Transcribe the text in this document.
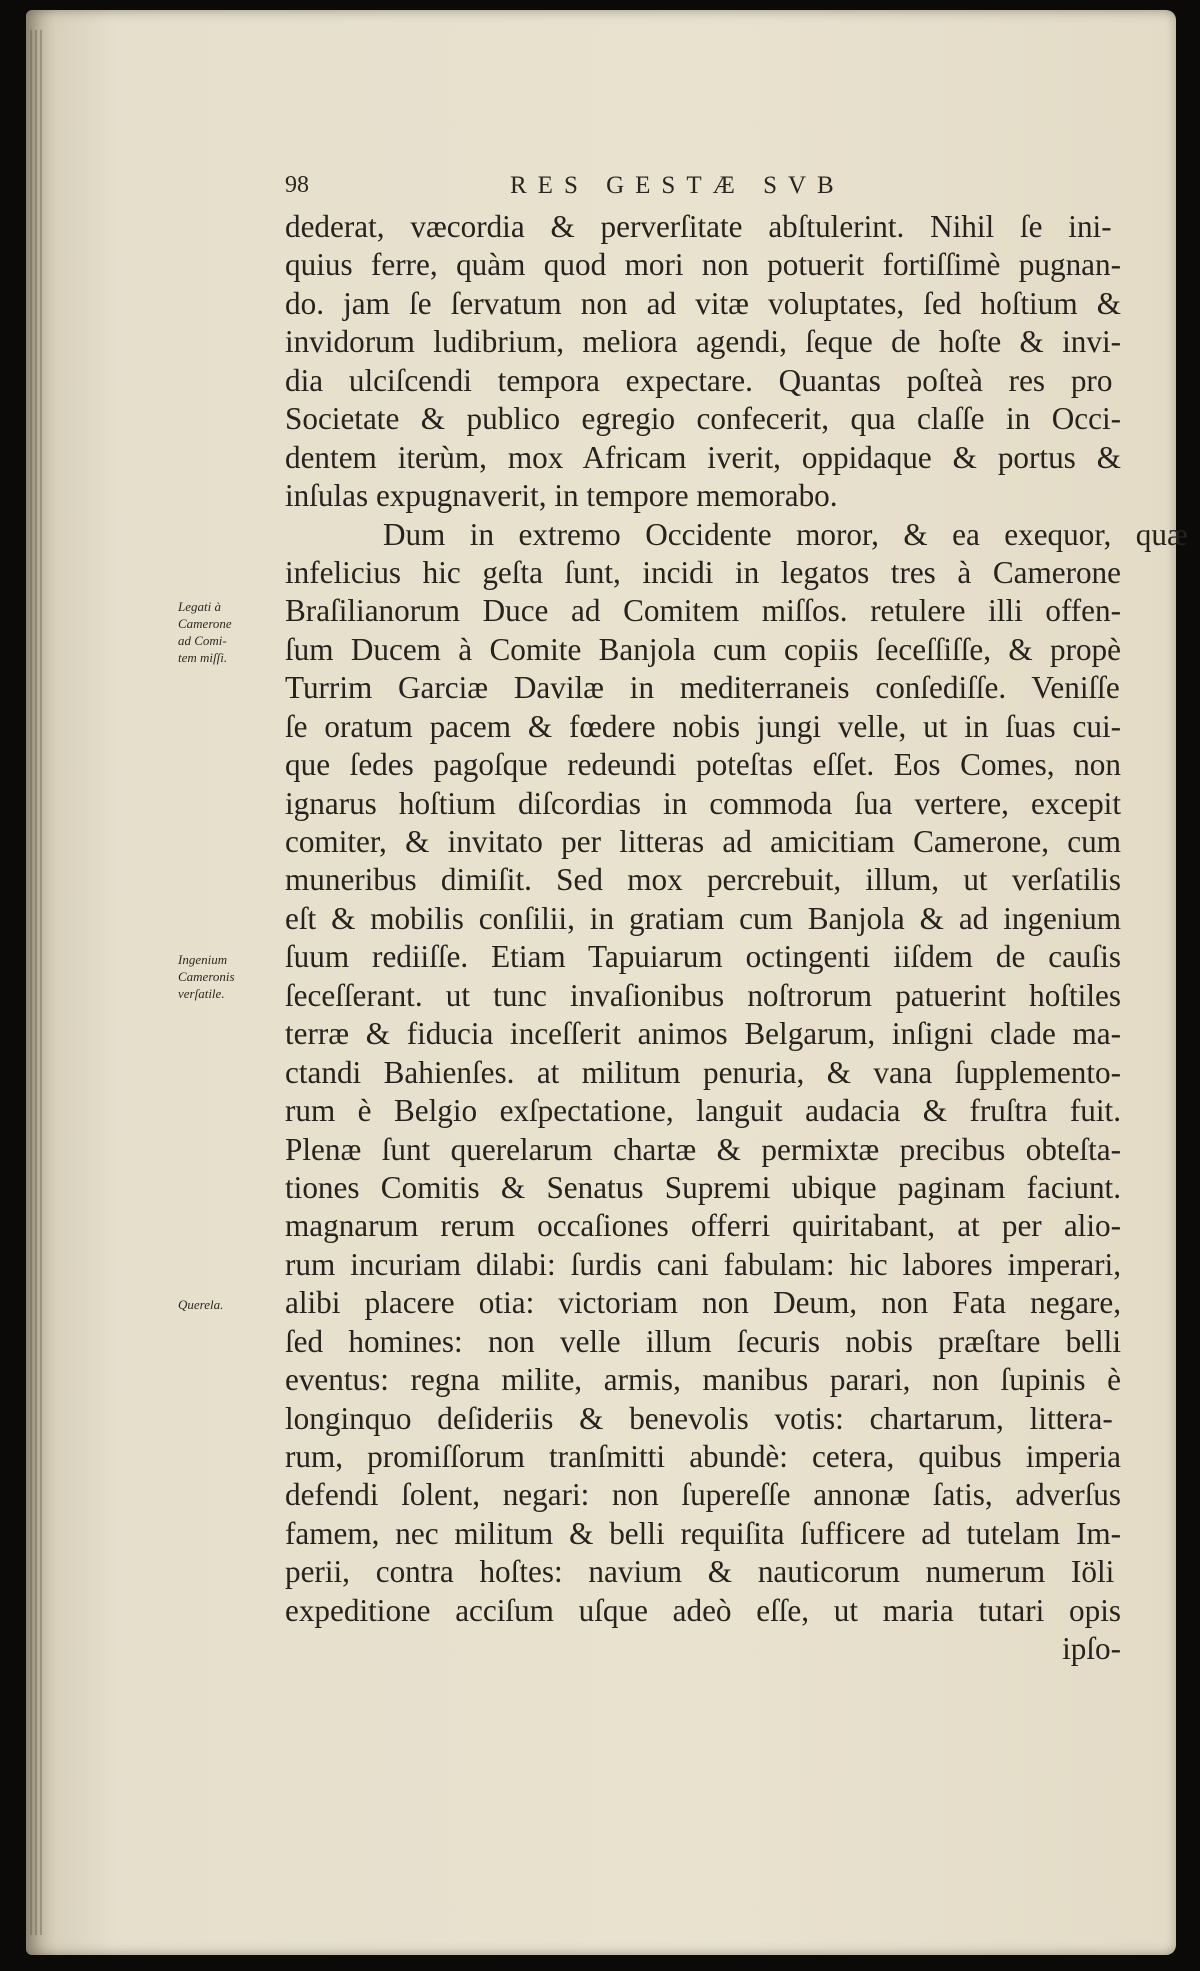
98	RES GESTÆ SVB
dederat, væcordia & perverſitate abſtulerint. Nihil ſe ini-
quius ferre, quàm quod mori non potuerit fortiſſimè pugnan-
do. jam ſe ſervatum non ad vitæ voluptates, ſed hoſtium &
invidorum ludibrium, meliora agendi, ſeque de hoſte & invi-
dia ulciſcendi tempora expectare. Quantas poſteà res pro
Societate & publico egregio confecerit, qua claſſe in Occi-
dentem iterùm, mox Africam iverit, oppidaque & portus &
inſulas expugnaverit, in tempore memorabo.
Dum in extremo Occidente moror, & ea exequor, quæ
infelicius hic geſta ſunt, incidi in legatos tres à Camerone
Braſilianorum Duce ad Comitem miſſos. retulere illi offen-
ſum Ducem à Comite Banjola cum copiis ſeceſſiſſe, & propè
Turrim Garciæ Davilæ in mediterraneis conſediſſe. Veniſſe
ſe oratum pacem & fœdere nobis jungi velle, ut in ſuas cui-
que ſedes pagoſque redeundi poteſtas eſſet. Eos Comes, non
ignarus hoſtium diſcordias in commoda ſua vertere, excepit
comiter, & invitato per litteras ad amicitiam Camerone, cum
muneribus dimiſit. Sed mox percrebuit, illum, ut verſatilis
eſt & mobilis conſilii, in gratiam cum Banjola & ad ingenium
ſuum rediiſſe. Etiam Tapuiarum octingenti iiſdem de cauſis
ſeceſſerant. ut tunc invaſionibus noſtrorum patuerint hoſtiles
terræ & fiducia inceſſerit animos Belgarum, inſigni clade ma-
ctandi Bahienſes. at militum penuria, & vana ſupplemento-
rum è Belgio exſpectatione, languit audacia & fruſtra fuit.
Plenæ ſunt querelarum chartæ & permixtæ precibus obteſta-
tiones Comitis & Senatus Supremi ubique paginam faciunt.
magnarum rerum occaſiones offerri quiritabant, at per alio-
rum incuriam dilabi: ſurdis cani fabulam: hic labores imperari,
alibi placere otia: victoriam non Deum, non Fata negare,
ſed homines: non velle illum ſecuris nobis præſtare belli
eventus: regna milite, armis, manibus parari, non ſupinis è
longinquo deſideriis & benevolis votis: chartarum, littera-
rum, promiſſorum tranſmitti abundè: cetera, quibus imperia
defendi ſolent, negari: non ſupereſſe annonæ ſatis, adverſus
famem, nec militum & belli requiſita ſufficere ad tutelam Im-
perii, contra hoſtes: navium & nauticorum numerum Iöli
expeditione acciſum uſque adeò eſſe, ut maria tutari opis
ipſo-
Legati à
Camerone
ad Comi-
tem miſſi.
Ingenium
Cameronis
verſatile.
Querela.
